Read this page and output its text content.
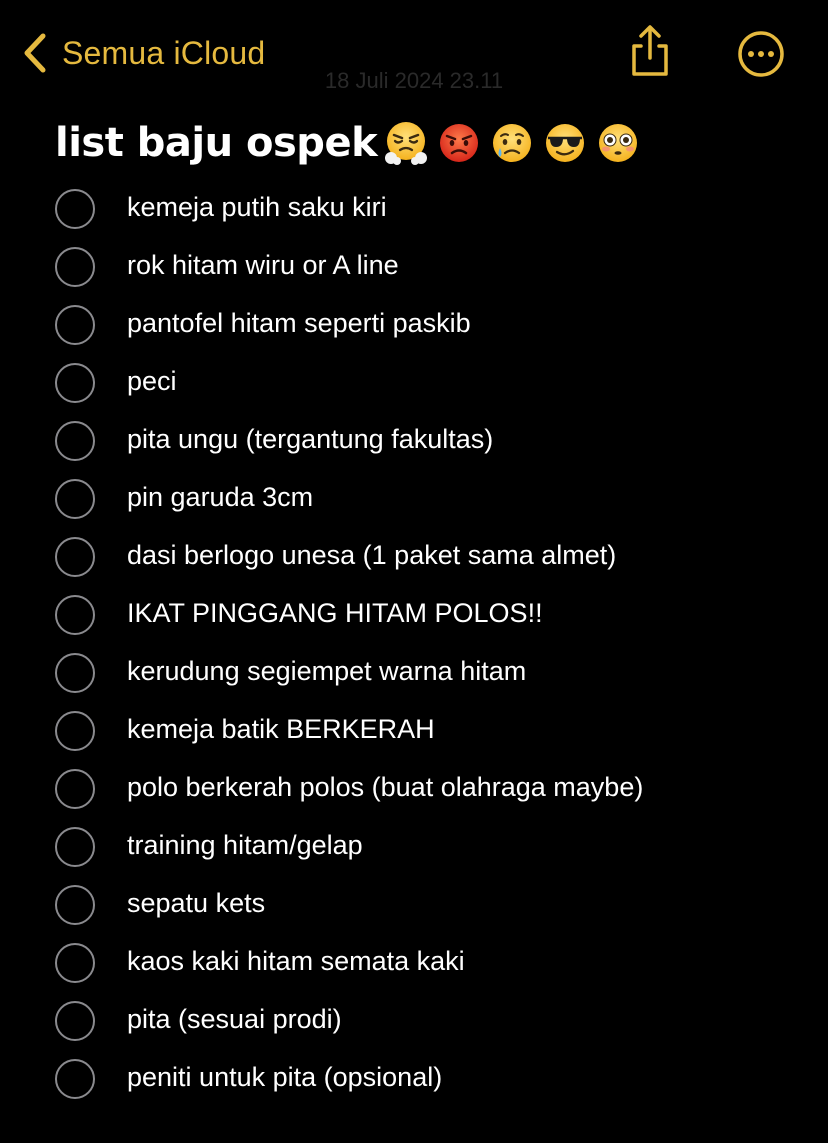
Semua iCloud
18 Juli 2024 23.11
list baju ospek
kemeja putih saku kiri
rok hitam wiru or A line
pantofel hitam seperti paskib
peci
pita ungu (tergantung fakultas)
pin garuda 3cm
dasi berlogo unesa (1 paket sama almet)
IKAT PINGGANG HITAM POLOS!!
kerudung segiempet warna hitam
kemeja batik BERKERAH
polo berkerah polos (buat olahraga maybe)
training hitam/gelap
sepatu kets
kaos kaki hitam semata kaki
pita (sesuai prodi)
peniti untuk pita (opsional)
